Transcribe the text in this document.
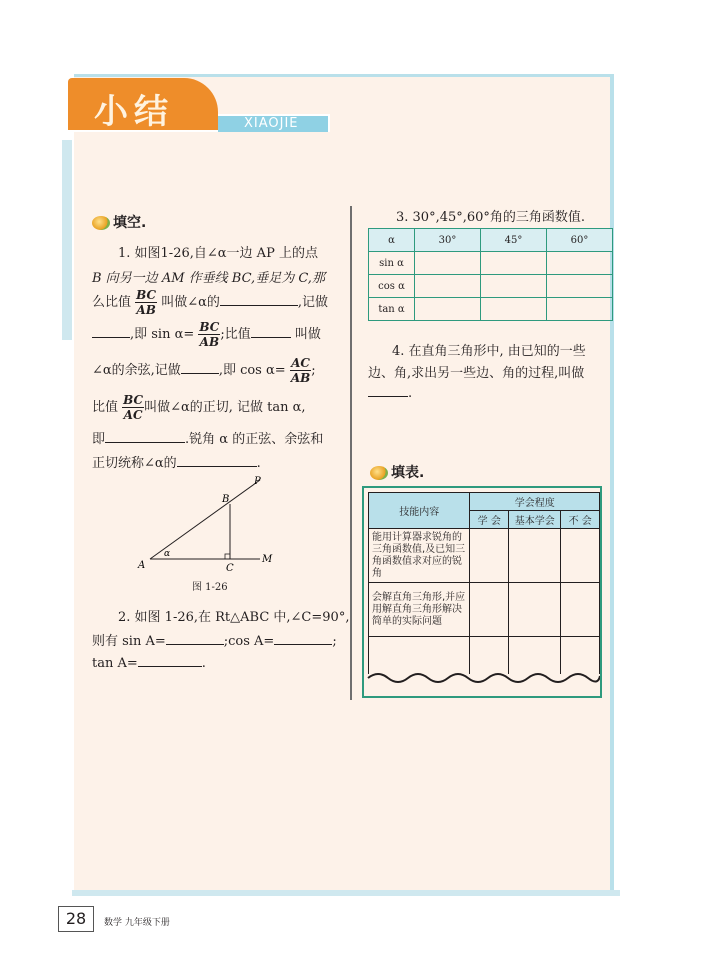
小结	XIAOJIE
填空.
1. 如图1-26,自∠α一边 AP 上的点
B 向另一边 AM 作垂线 BC,垂足为 C,那
么比值 $\frac{BC}{AB}$ 叫做∠α的	,记做
,即 $\sin \alpha= \frac{BC}{AB}$ ;比值	叫做
∠α的余弦,记做	,即 $\cos \alpha= \frac{AC}{AB}$ ;
比值 $\frac{BC}{AC}$ 叫做∠α的正切, 记做 tan α,
即	.锐角 α 的正弦、余弦和
正切统称∠α的	.
α
A
B
C
M
P
图 1-26
2. 如图 1-26,在 Rt△ABC 中,∠C=90°,
则有 sin A=	;cos A=	;
tan A=	.
3. 30°,45°,60°角的三角函数值.
α	30°	45°	60°
sin α			
cos α			
tan α			
4. 在直角三角形中, 由已知的一些
边、角,求出另一些边、角的过程,叫做
.
填表.
技能内容	学会程度		
	学 会	基本学会	不 会
能用计算器求锐角的三角函数值,及已知三角函数值求对应的锐角			
会解直角三角形,并应用解直角三角形解决简单的实际问题			

28	数学 九年级下册
